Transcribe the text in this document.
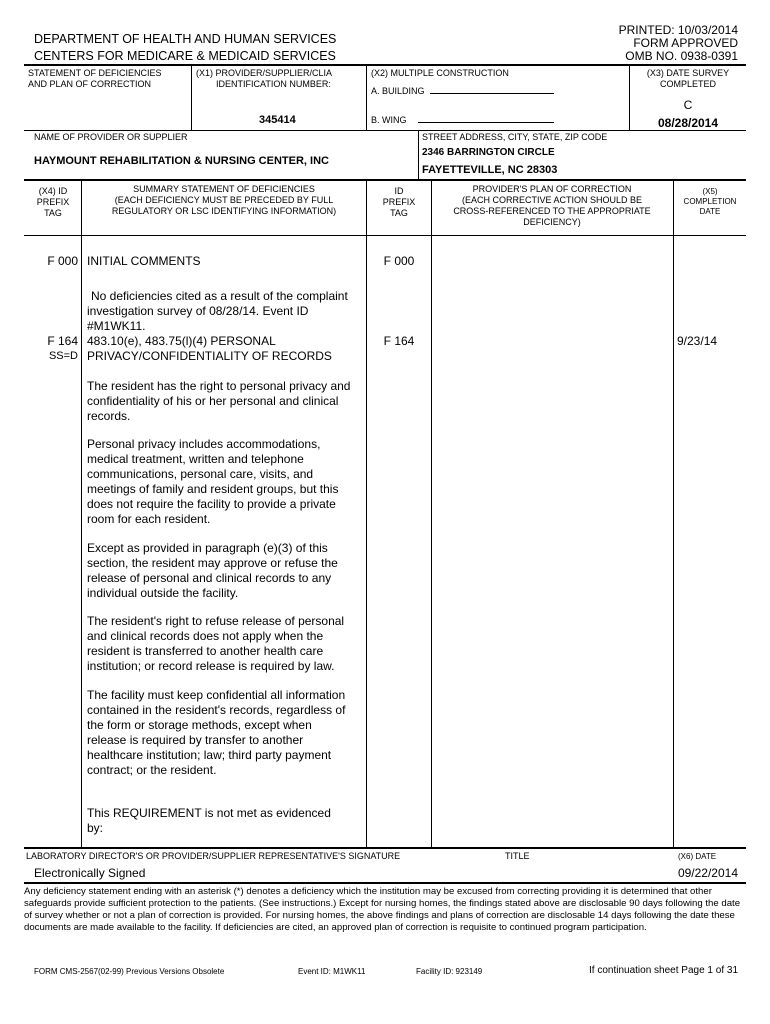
PRINTED: 10/03/2014
FORM APPROVED
OMB NO. 0938-0391
DEPARTMENT OF HEALTH AND HUMAN SERVICES
CENTERS FOR MEDICARE & MEDICAID SERVICES
STATEMENT OF DEFICIENCIES
AND PLAN OF CORRECTION
(X1) PROVIDER/SUPPLIER/CLIA
IDENTIFICATION NUMBER:
345414
(X2) MULTIPLE CONSTRUCTION
A. BUILDING
B. WING
(X3) DATE SURVEY
COMPLETED
C
08/28/2014
NAME OF PROVIDER OR SUPPLIER
HAYMOUNT REHABILITATION & NURSING CENTER, INC
STREET ADDRESS, CITY, STATE, ZIP CODE
2346 BARRINGTON CIRCLE
FAYETTEVILLE, NC 28303
(X4) ID
PREFIX
TAG
SUMMARY STATEMENT OF DEFICIENCIES
(EACH DEFICIENCY MUST BE PRECEDED BY FULL
REGULATORY OR LSC IDENTIFYING INFORMATION)
ID
PREFIX
TAG
PROVIDER'S PLAN OF CORRECTION
(EACH CORRECTIVE ACTION SHOULD BE
CROSS-REFERENCED TO THE APPROPRIATE
DEFICIENCY)
(X5)
COMPLETION
DATE
F 000 INITIAL COMMENTS	F 000
No deficiencies cited as a result of the complaint
investigation survey of 08/28/14. Event ID
#M1WK11.
F 164
SS=D
483.10(e), 483.75(l)(4) PERSONAL
PRIVACY/CONFIDENTIALITY OF RECORDS
F 164	9/23/14
The resident has the right to personal privacy and
confidentiality of his or her personal and clinical
records.
Personal privacy includes accommodations,
medical treatment, written and telephone
communications, personal care, visits, and
meetings of family and resident groups, but this
does not require the facility to provide a private
room for each resident.
Except as provided in paragraph (e)(3) of this
section, the resident may approve or refuse the
release of personal and clinical records to any
individual outside the facility.
The resident's right to refuse release of personal
and clinical records does not apply when the
resident is transferred to another health care
institution; or record release is required by law.
The facility must keep confidential all information
contained in the resident's records, regardless of
the form or storage methods, except when
release is required by transfer to another
healthcare institution; law; third party payment
contract; or the resident.
This REQUIREMENT is not met as evidenced
by:
LABORATORY DIRECTOR'S OR PROVIDER/SUPPLIER REPRESENTATIVE'S SIGNATURE	TITLE	(X6) DATE
Electronically Signed	09/22/2014
Any deficiency statement ending with an asterisk (*) denotes a deficiency which the institution may be excused from correcting providing it is determined that other safeguards provide sufficient protection to the patients. (See instructions.) Except for nursing homes, the findings stated above are disclosable 90 days following the date of survey whether or not a plan of correction is provided. For nursing homes, the above findings and plans of correction are disclosable 14 days following the date these documents are made available to the facility. If deficiencies are cited, an approved plan of correction is requisite to continued program participation.
FORM CMS-2567(02-99) Previous Versions Obsolete	Event ID: M1WK11	Facility ID: 923149	If continuation sheet Page 1 of 31
